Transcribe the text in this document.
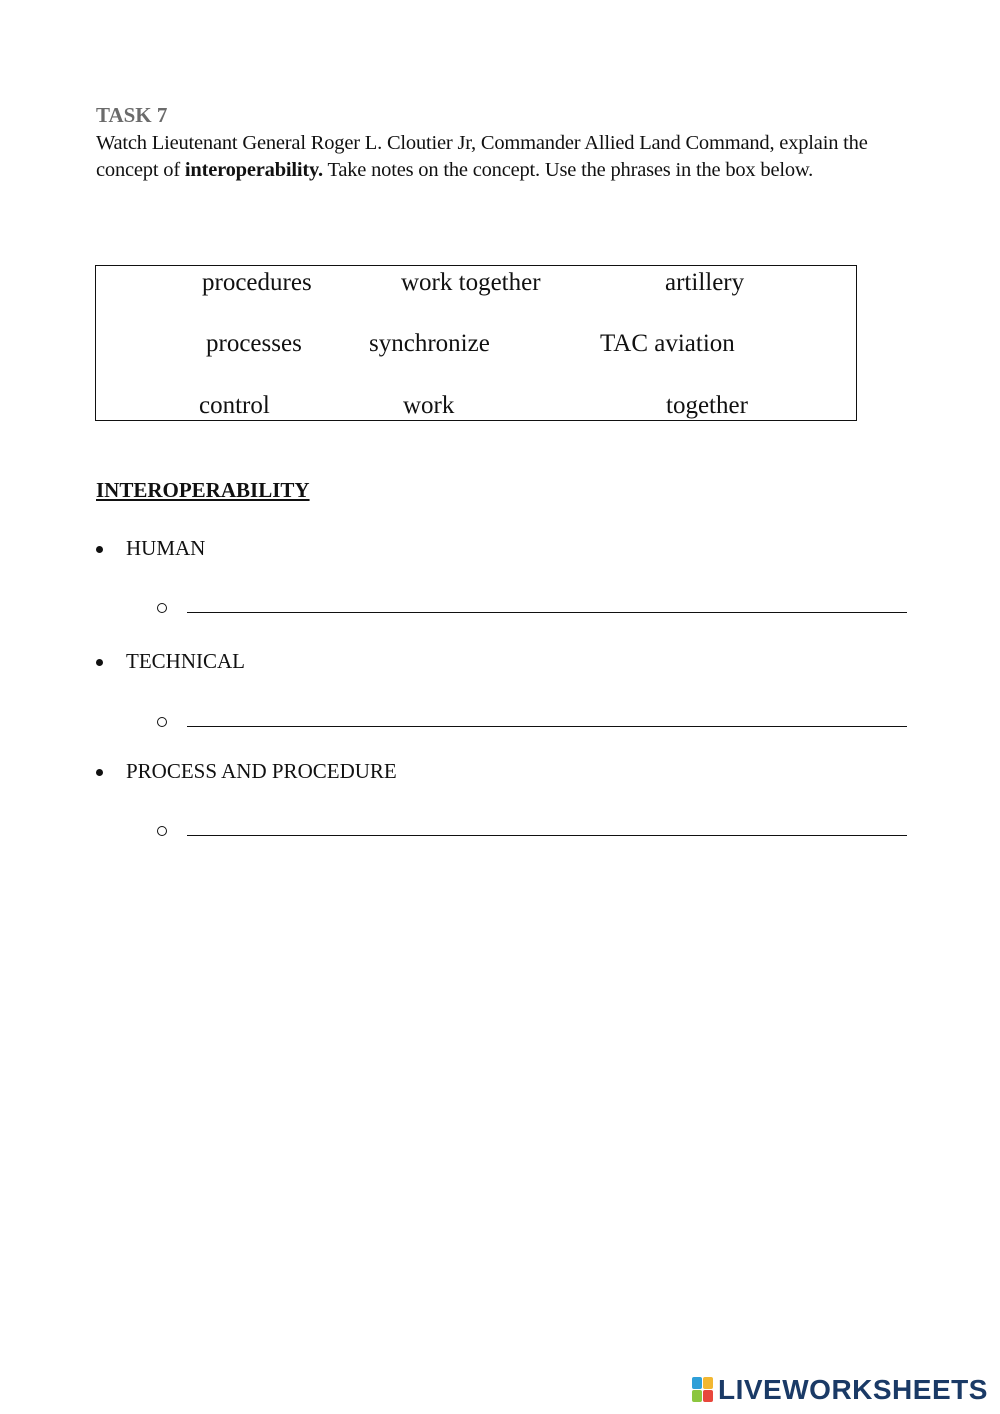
TASK 7
Watch Lieutenant General Roger L. Cloutier Jr, Commander Allied Land Command, explain the concept of interoperability. Take notes on the concept. Use the phrases in the box below.
procedures	work together	artillery
processes	synchronize	TAC aviation
control	work	together
INTEROPERABILITY
HUMAN
TECHNICAL
PROCESS AND PROCEDURE
LIVEWORKSHEETS
